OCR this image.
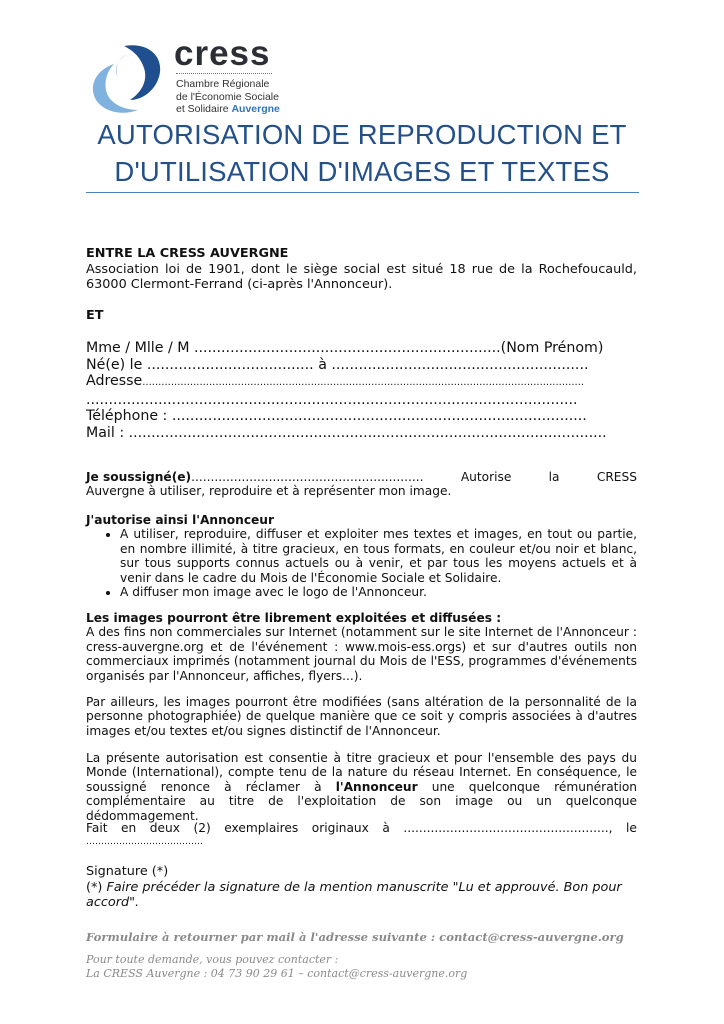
cress
Chambre Régionale
de l'Économie Sociale
et Solidaire Auvergne
AUTORISATION DE REPRODUCTION ET
D'UTILISATION D'IMAGES ET TEXTES
ENTRE LA CRESS AUVERGNE
Association loi de 1901, dont le siège social est situé 18 rue de la Rochefoucauld, 63000 Clermont-Ferrand (ci-après l'Annonceur).
ET
Mme / Mlle / M ....................................................................(Nom Prénom)
Né(e) le ..................................... à .........................................................
Adresse...........................................................................................................................................
.............................................................................................................
Téléphone : ............................................................................................
Mail : ..........................................................................................................
Je soussigné(e)............................................................	Autorise	la	CRESS
Auvergne à utiliser, reproduire et à représenter mon image.
J'autorise ainsi l'Annonceur
• A utiliser, reproduire, diffuser et exploiter mes textes et images, en tout ou partie, en nombre illimité, à titre gracieux, en tous formats, en couleur et/ou noir et blanc, sur tous supports connus actuels ou à venir, et par tous les moyens actuels et à venir dans le cadre du Mois de l'Économie Sociale et Solidaire.
• A diffuser mon image avec le logo de l'Annonceur.
Les images pourront être librement exploitées et diffusées :
A des fins non commerciales sur Internet (notamment sur le site Internet de l'Annonceur : cress-auvergne.org et de l'événement : www.mois-ess.orgs) et sur d'autres outils non commerciaux imprimés (notamment journal du Mois de l'ESS, programmes d'événements organisés par l'Annonceur, affiches, flyers...).
Par ailleurs, les images pourront être modifiées (sans altération de la personnalité de la personne photographiée) de quelque manière que ce soit y compris associées à d'autres images et/ou textes et/ou signes distinctif de l'Annonceur.
La présente autorisation est consentie à titre gracieux et pour l'ensemble des pays du Monde (International), compte tenu de la nature du réseau Internet. En conséquence, le soussigné renonce à réclamer à l'Annonceur une quelconque rémunération complémentaire au titre de l'exploitation de son image ou un quelconque dédommagement.
Fait en deux (2) exemplaires originaux à ....................................................., le
…………………………………
Signature (*)
(*) Faire précéder la signature de la mention manuscrite "Lu et approuvé. Bon pour accord".
Formulaire à retourner par mail à l'adresse suivante : contact@cress-auvergne.org
Pour toute demande, vous pouvez contacter :
La CRESS Auvergne : 04 73 90 29 61 – contact@cress-auvergne.org
